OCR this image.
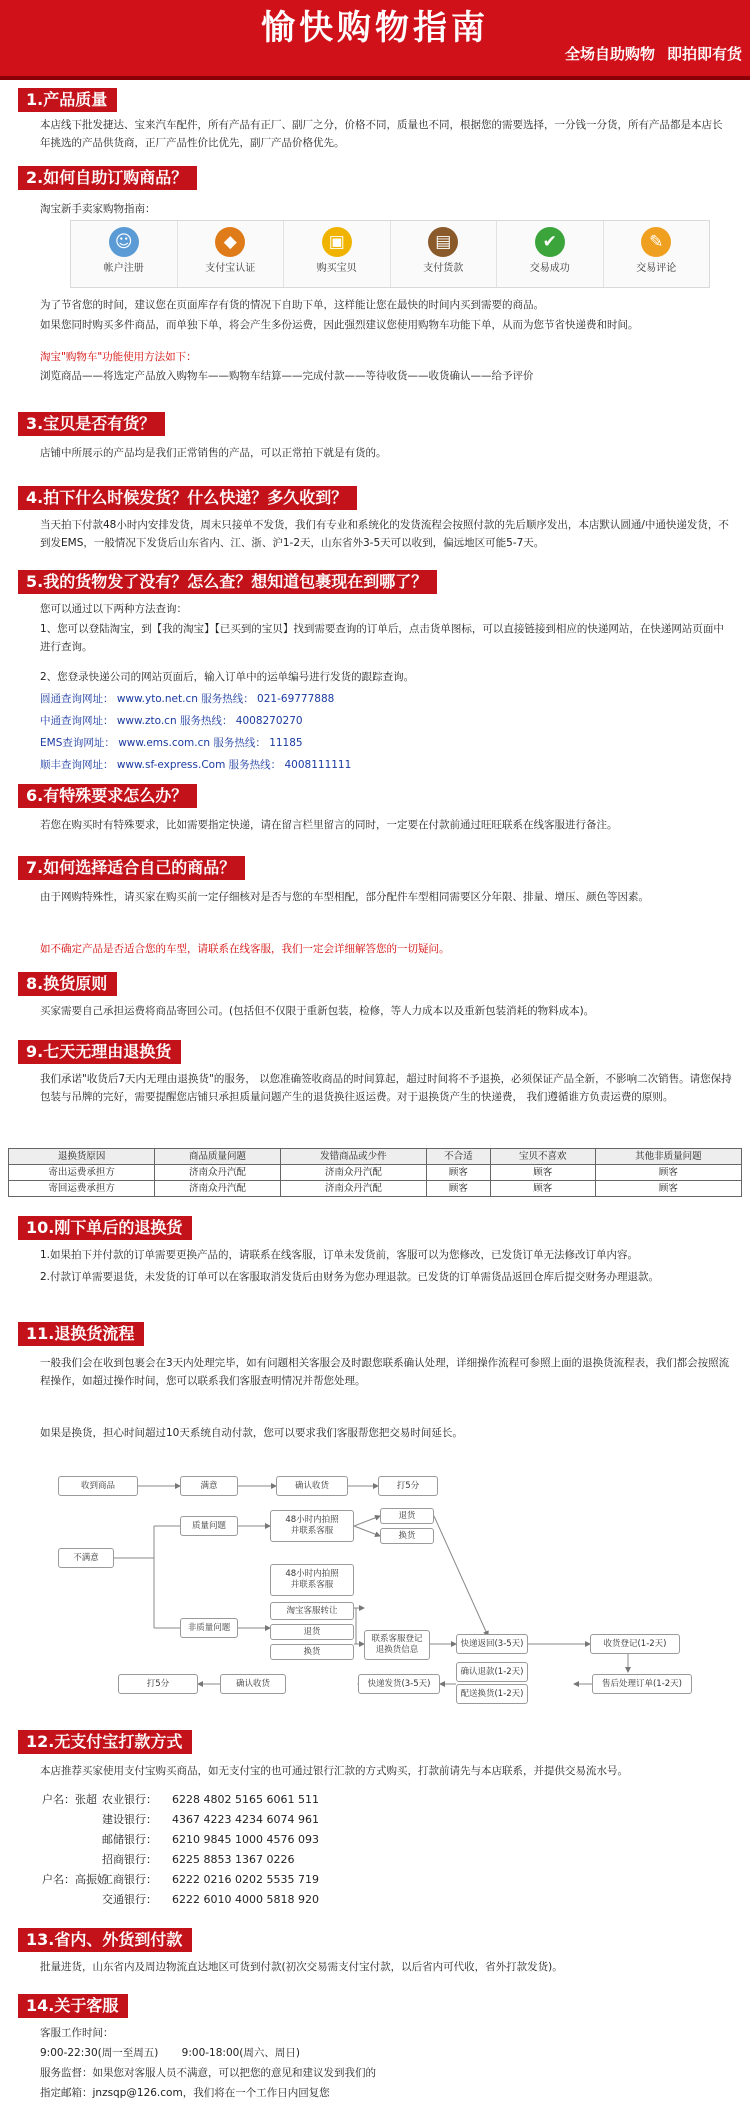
愉快购物指南
全场自助购物 即拍即有货
1.产品质量
本店线下批发捷达、宝来汽车配件，所有产品有正厂、副厂之分，价格不同，质量也不同，根据您的需要选择，一分钱一分货，所有产品都是本店长年挑选的产品供货商，正厂产品性价比优先，副厂产品价格优先。
2.如何自助订购商品？
淘宝新手卖家购物指南：
☺
帐户注册
◆
支付宝认证
▣
购买宝贝
▤
支付货款
✔
交易成功
✎
交易评论
为了节省您的时间，建议您在页面库存有货的情况下自助下单，这样能让您在最快的时间内买到需要的商品。
如果您同时购买多件商品，而单独下单，将会产生多份运费，因此强烈建议您使用购物车功能下单，从而为您节省快递费和时间。
淘宝"购物车"功能使用方法如下：
浏览商品——将选定产品放入购物车——购物车结算——完成付款——等待收货——收货确认——给予评价
3.宝贝是否有货？
店铺中所展示的产品均是我们正常销售的产品，可以正常拍下就是有货的。
4.拍下什么时候发货？什么快递？多久收到？
当天拍下付款48小时内安排发货，周末只接单不发货，我们有专业和系统化的发货流程会按照付款的先后顺序发出，本店默认圆通/中通快递发货，不到发EMS，一般情况下发货后山东省内、江、浙、沪1-2天，山东省外3-5天可以收到，偏远地区可能5-7天。
5.我的货物发了没有？怎么查？想知道包裹现在到哪了？
您可以通过以下两种方法查询：
1、您可以登陆淘宝，到【我的淘宝】【已买到的宝贝】找到需要查询的订单后，点击货单图标，可以直接链接到相应的快递网站，在快递网站页面中进行查询。
2、您登录快递公司的网站页面后，输入订单中的运单编号进行发货的跟踪查询。
圆通查询网址： www.yto.net.cn 服务热线： 021-69777888
中通查询网址： www.zto.cn 服务热线： 4008270270
EMS查询网址： www.ems.com.cn 服务热线： 11185
顺丰查询网址： www.sf-express.Com 服务热线： 4008111111
6.有特殊要求怎么办？
若您在购买时有特殊要求，比如需要指定快递，请在留言栏里留言的同时，一定要在付款前通过旺旺联系在线客服进行备注。
7.如何选择适合自己的商品？
由于网购特殊性，请买家在购买前一定仔细核对是否与您的车型相配，部分配件车型相同需要区分年限、排量、增压、颜色等因素。
如不确定产品是否适合您的车型，请联系在线客服，我们一定会详细解答您的一切疑问。
8.换货原则
买家需要自己承担运费将商品寄回公司。(包括但不仅限于重新包装，检修，等人力成本以及重新包装消耗的物料成本)。
9.七天无理由退换货
我们承诺"收货后7天内无理由退换货"的服务， 以您准确签收商品的时间算起，超过时间将不予退换，必须保证产品全新，不影响二次销售。请您保持包装与吊牌的完好，需要提醒您店铺只承担质量问题产生的退货换往返运费。对于退换货产生的快递费， 我们遵循谁方负责运费的原则。
退换货原因	商品质量问题	发错商品或少件	不合适	宝贝不喜欢	其他非质量问题
寄出运费承担方	济南众丹汽配	济南众丹汽配	顾客	顾客	顾客
寄回运费承担方	济南众丹汽配	济南众丹汽配	顾客	顾客	顾客
10.刚下单后的退换货
1.如果拍下并付款的订单需要更换产品的，请联系在线客服，订单未发货前，客服可以为您修改，已发货订单无法修改订单内容。
2.付款订单需要退货，未发货的订单可以在客服取消发货后由财务为您办理退款。已发货的订单需货品返回仓库后提交财务办理退款。
11.退换货流程
一般我们会在收到包裹会在3天内处理完毕，如有问题相关客服会及时跟您联系确认处理，详细操作流程可参照上面的退换货流程表，我们都会按照流程操作，如超过操作时间，您可以联系我们客服查明情况并帮您处理。
如果是换货，担心时间超过10天系统自动付款，您可以要求我们客服帮您把交易时间延长。
收到商品	满意	确认收货	打5分
不满意
质量问题
48小时内拍照
并联系客服
退货
换货
非质量问题
48小时内拍照
并联系客服
淘宝客服转让
退货
换货
联系客服登记
退换货信息
快递返回(3-5天)	收货登记(1-2天)
确认退款(1-2天)
配送换货(1-2天)
售后处理订单(1-2天)
打5分	确认收货	快递发货(3-5天)
12.无支付宝打款方式
本店推荐买家使用支付宝购买商品，如无支付宝的也可通过银行汇款的方式购买，打款前请先与本店联系，并提供交易流水号。
户名：张超 农业银行：	6228 4802 5165 6061 511
建设银行：	4367 4223 4234 6074 961
邮储银行：	6210 9845 1000 4576 093
招商银行：	6225 8853 1367 0226
户名：高振娇
工商银行：	6222 0216 0202 5535 719
交通银行：	6222 6010 4000 5818 920
13.省内、外货到付款
批量进货，山东省内及周边物流直达地区可货到付款(初次交易需支付宝付款，以后省内可代收，省外打款发货)。
14.关于客服
客服工作时间：
9:00-22:30(周一至周五)       9:00-18:00(周六、周日)
服务监督：如果您对客服人员不满意，可以把您的意见和建议发到我们的
指定邮箱：jnzsqp@126.com，我们将在一个工作日内回复您
